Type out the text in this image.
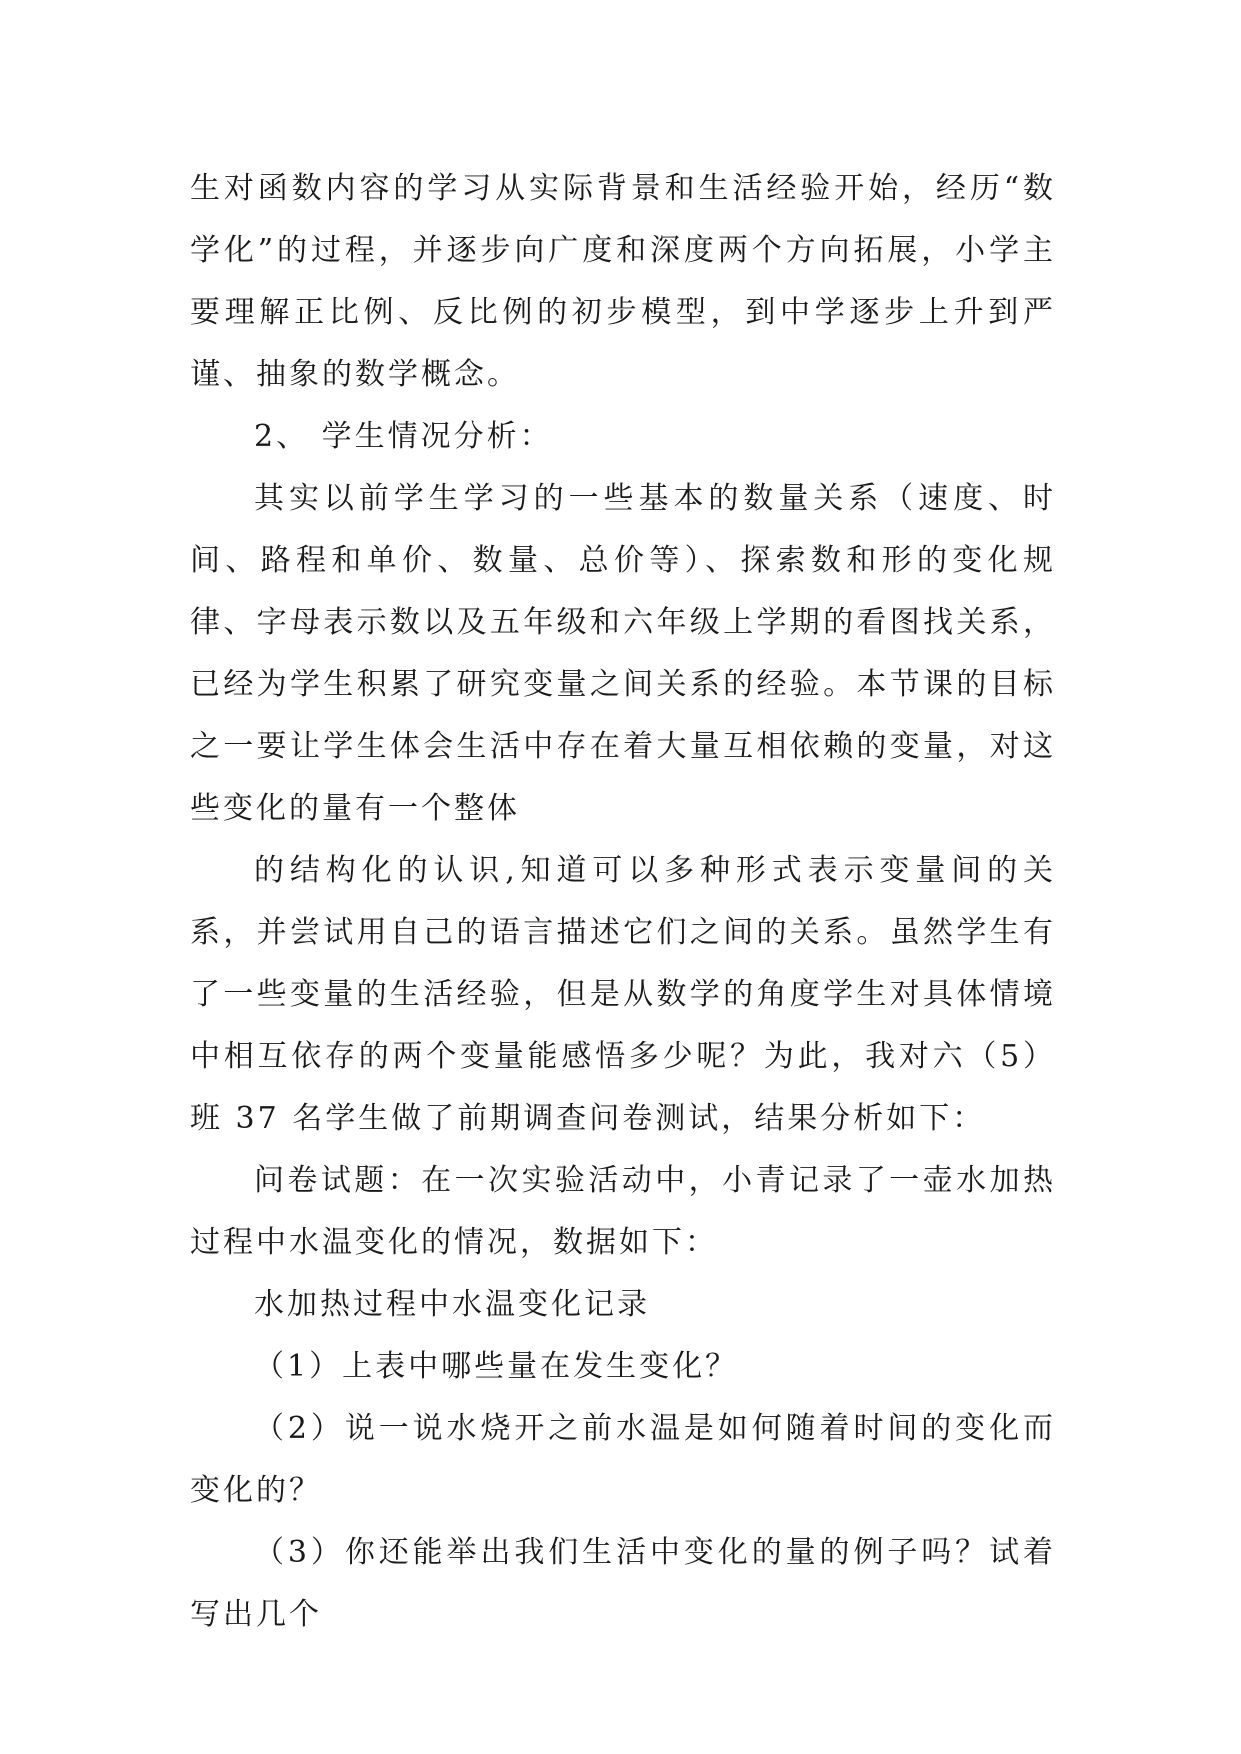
生对函数内容的学习从实际背景和生活经验开始，经历“数学化”的过程，并逐步向广度和深度两个方向拓展，小学主要理解正比例、反比例的初步模型，到中学逐步上升到严谨、抽象的数学概念。

2、 学生情况分析：

其实以前学生学习的一些基本的数量关系（速度、时间、路程和单价、数量、总价等）、探索数和形的变化规律、字母表示数以及五年级和六年级上学期的看图找关系，已经为学生积累了研究变量之间关系的经验。本节课的目标之一要让学生体会生活中存在着大量互相依赖的变量，对这些变化的量有一个整体

的结构化的认识,知道可以多种形式表示变量间的关系，并尝试用自己的语言描述它们之间的关系。虽然学生有了一些变量的生活经验，但是从数学的角度学生对具体情境中相互依存的两个变量能感悟多少呢？为此，我对六（5）班 37 名学生做了前期调查问卷测试，结果分析如下：

问卷试题：在一次实验活动中，小青记录了一壶水加热过程中水温变化的情况，数据如下：

水加热过程中水温变化记录

（1）上表中哪些量在发生变化？

（2）说一说水烧开之前水温是如何随着时间的变化而变化的？

（3）你还能举出我们生活中变化的量的例子吗？试着写出几个
